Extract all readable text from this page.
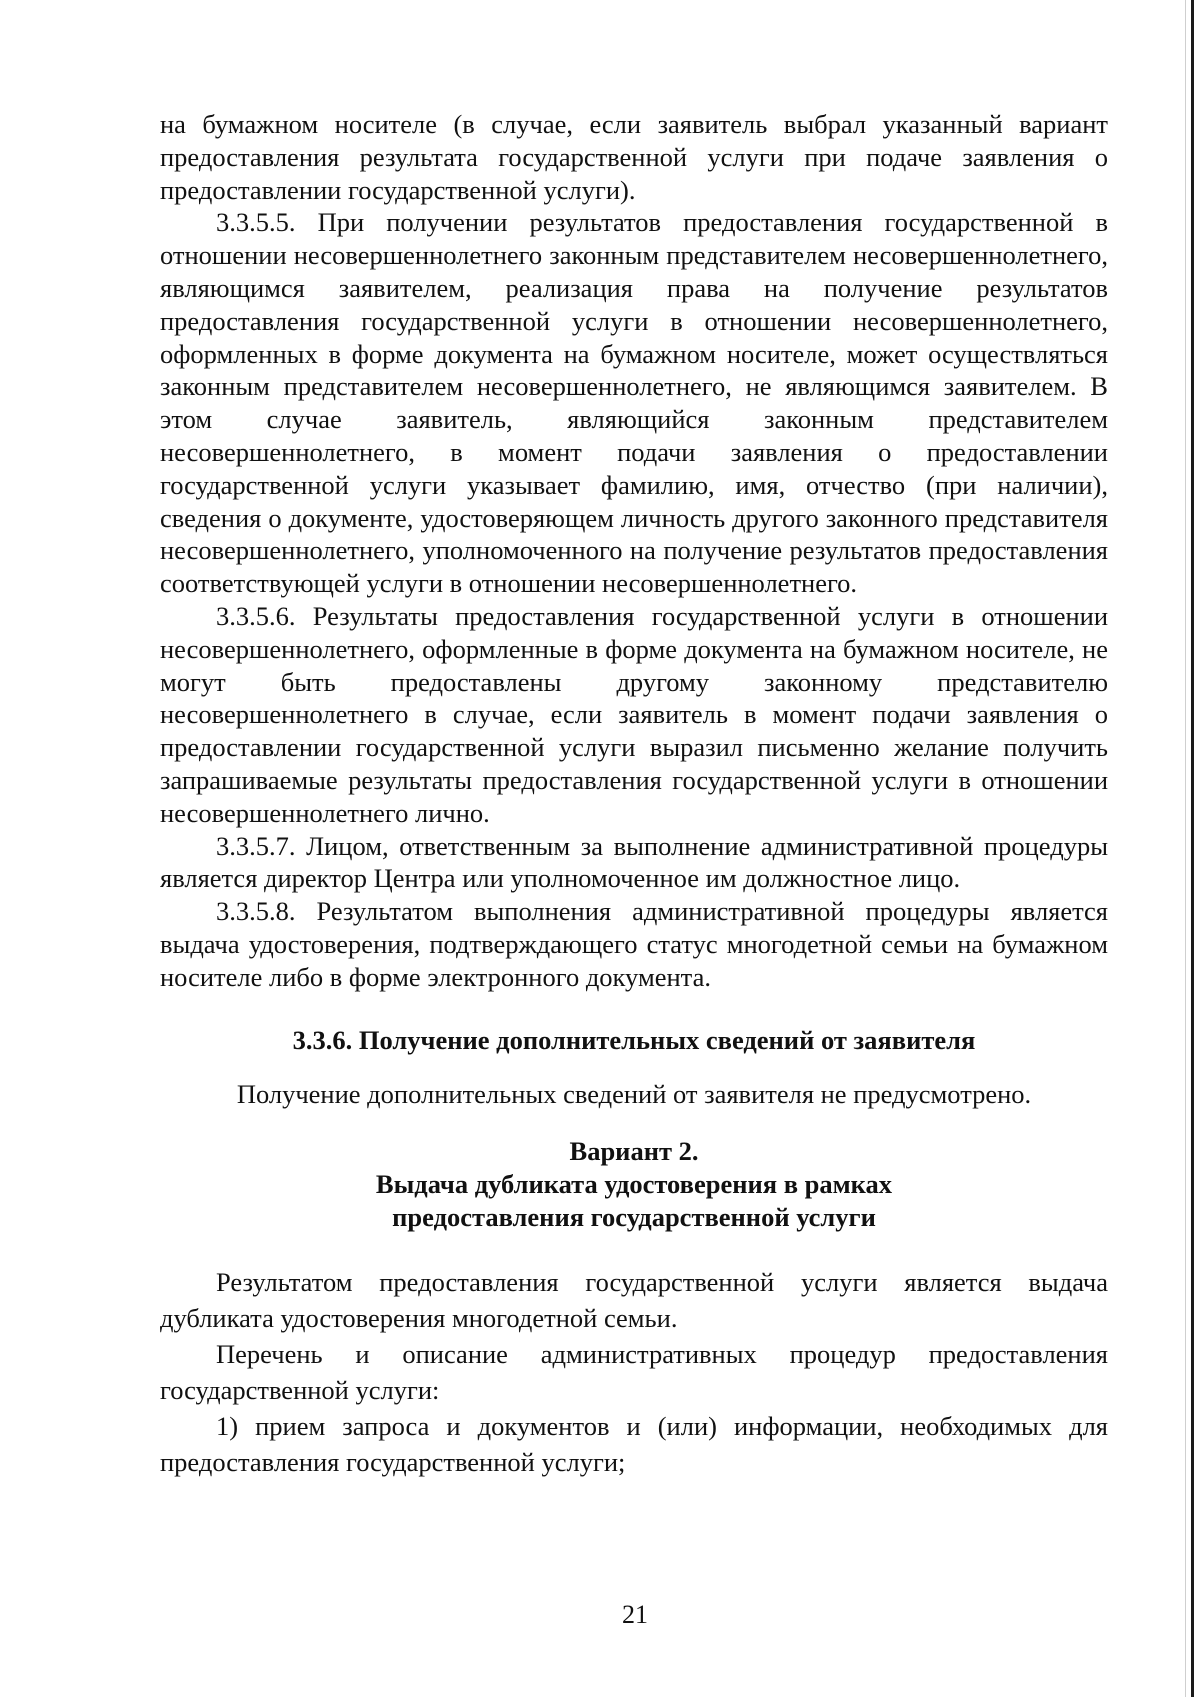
на бумажном носителе (в случае, если заявитель выбрал указанный вариант предоставления результата государственной услуги при подаче заявления о предоставлении государственной услуги).

3.3.5.5. При получении результатов предоставления государственной в отношении несовершеннолетнего законным представителем несовершеннолетнего, являющимся заявителем, реализация права на получение результатов предоставления государственной услуги в отношении несовершеннолетнего, оформленных в форме документа на бумажном носителе, может осуществляться законным представителем несовершеннолетнего, не являющимся заявителем. В этом случае заявитель, являющийся законным представителем несовершеннолетнего, в момент подачи заявления о предоставлении государственной услуги указывает фамилию, имя, отчество (при наличии), сведения о документе, удостоверяющем личность другого законного представителя несовершеннолетнего, уполномоченного на получение результатов предоставления соответствующей услуги в отношении несовершеннолетнего.

3.3.5.6. Результаты предоставления государственной услуги в отношении несовершеннолетнего, оформленные в форме документа на бумажном носителе, не могут быть предоставлены другому законному представителю несовершеннолетнего в случае, если заявитель в момент подачи заявления о предоставлении государственной услуги выразил письменно желание получить запрашиваемые результаты предоставления государственной услуги в отношении несовершеннолетнего лично.

3.3.5.7. Лицом, ответственным за выполнение административной процедуры является директор Центра или уполномоченное им должностное лицо.

3.3.5.8. Результатом выполнения административной процедуры является выдача удостоверения, подтверждающего статус многодетной семьи на бумажном носителе либо в форме электронного документа.

3.3.6. Получение дополнительных сведений от заявителя

Получение дополнительных сведений от заявителя не предусмотрено.

Вариант 2.

Выдача дубликата удостоверения в рамках

предоставления государственной услуги

Результатом предоставления государственной услуги является выдача дубликата удостоверения многодетной семьи.

Перечень и описание административных процедур предоставления государственной услуги:

1) прием запроса и документов и (или) информации, необходимых для предоставления государственной услуги;

21
